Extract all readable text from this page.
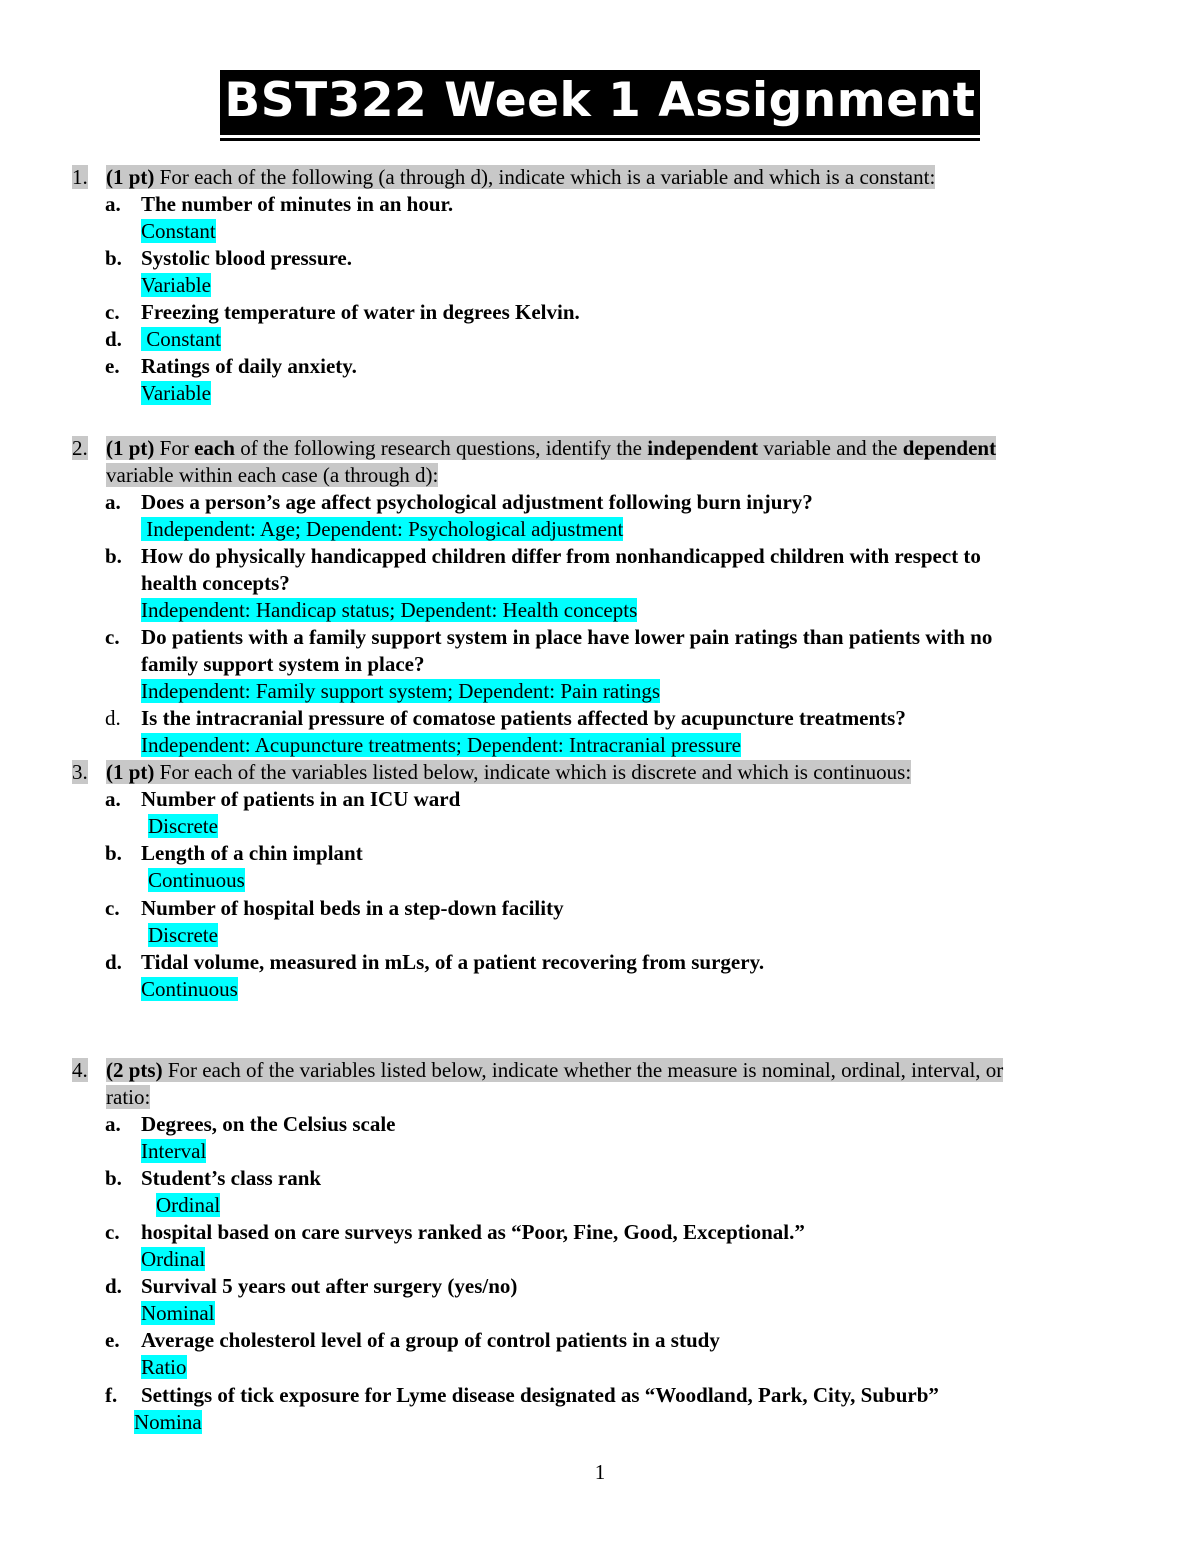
BST322 Week 1 Assignment
1. (1 pt) For each of the following (a through d), indicate which is a variable and which is a constant:
a. The number of minutes in an hour.
Constant
b. Systolic blood pressure.
Variable
c. Freezing temperature of water in degrees Kelvin.
d. Constant
e. Ratings of daily anxiety.
Variable
2. (1 pt) For each of the following research questions, identify the independent variable and the dependent
variable within each case (a through d):
a. Does a person’s age affect psychological adjustment following burn injury?
Independent: Age; Dependent: Psychological adjustment
b. How do physically handicapped children differ from nonhandicapped children with respect to
health concepts?
Independent: Handicap status; Dependent: Health concepts
c. Do patients with a family support system in place have lower pain ratings than patients with no
family support system in place?
Independent: Family support system; Dependent: Pain ratings
d. Is the intracranial pressure of comatose patients affected by acupuncture treatments?
Independent: Acupuncture treatments; Dependent: Intracranial pressure
3. (1 pt) For each of the variables listed below, indicate which is discrete and which is continuous:
a. Number of patients in an ICU ward
Discrete
b. Length of a chin implant
Continuous
c. Number of hospital beds in a step-down facility
Discrete
d. Tidal volume, measured in mLs, of a patient recovering from surgery.
Continuous
4. (2 pts) For each of the variables listed below, indicate whether the measure is nominal, ordinal, interval, or
ratio:
a. Degrees, on the Celsius scale
Interval
b. Student’s class rank
Ordinal
c. hospital based on care surveys ranked as “Poor, Fine, Good, Exceptional.”
Ordinal
d. Survival 5 years out after surgery (yes/no)
Nominal
e. Average cholesterol level of a group of control patients in a study
Ratio
f. Settings of tick exposure for Lyme disease designated as “Woodland, Park, City, Suburb”
Nomina
1
